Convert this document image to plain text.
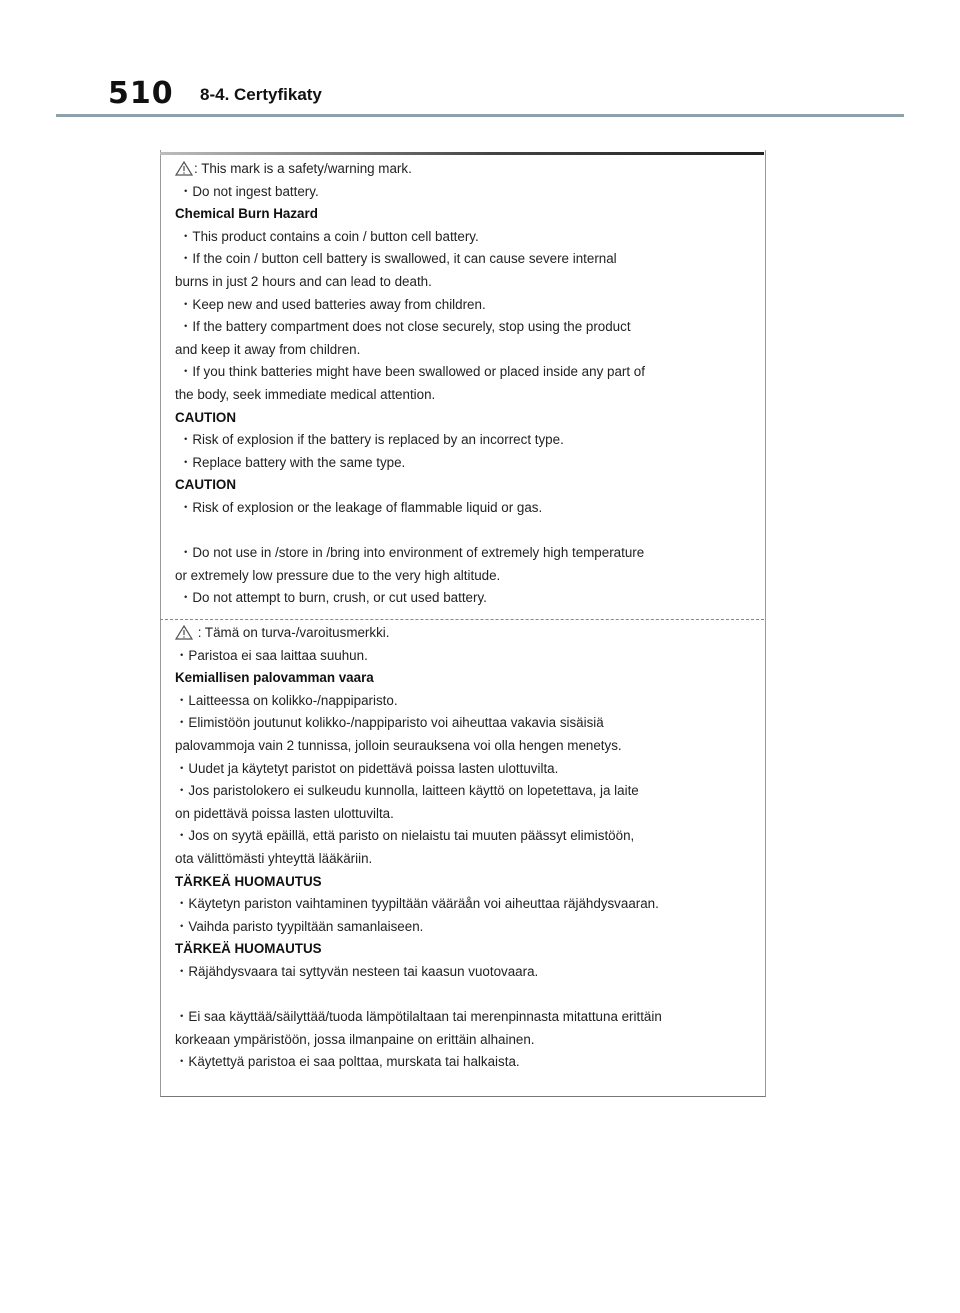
510 8-4. Certyfikaty
: This mark is a safety/warning mark.
・Do not ingest battery.
Chemical Burn Hazard
・This product contains a coin / button cell battery.
・If the coin / button cell battery is swallowed, it can cause severe internal
burns in just 2 hours and can lead to death.
・Keep new and used batteries away from children.
・If the battery compartment does not close securely, stop using the product
and keep it away from children.
・If you think batteries might have been swallowed or placed inside any part of
the body, seek immediate medical attention.
CAUTION
・Risk of explosion if the battery is replaced by an incorrect type.
・Replace battery with the same type.
CAUTION
・Risk of explosion or the leakage of flammable liquid or gas.
・Do not use in /store in /bring into environment of extremely high temperature
or extremely low pressure due to the very high altitude.
・Do not attempt to burn, crush, or cut used battery.
: Tämä on turva-/varoitusmerkki.
・Paristoa ei saa laittaa suuhun.
Kemiallisen palovamman vaara
・Laitteessa on kolikko-/nappiparisto.
・Elimistöön joutunut kolikko-/nappiparisto voi aiheuttaa vakavia sisäisiä
palovammoja vain 2 tunnissa, jolloin seurauksena voi olla hengen menetys.
・Uudet ja käytetyt paristot on pidettävä poissa lasten ulottuvilta.
・Jos paristolokero ei sulkeudu kunnolla, laitteen käyttö on lopetettava, ja laite
on pidettävä poissa lasten ulottuvilta.
・Jos on syytä epäillä, että paristo on nielaistu tai muuten päässyt elimistöön,
ota välittömästi yhteyttä lääkäriin.
TÄRKEÄ HUOMAUTUS
・Käytetyn pariston vaihtaminen tyypiltään vääräån voi aiheuttaa räjähdysvaaran.
・Vaihda paristo tyypiltään samanlaiseen.
TÄRKEÄ HUOMAUTUS
・Räjähdysvaara tai syttyvän nesteen tai kaasun vuotovaara.
・Ei saa käyttää/säilyttää/tuoda lämpötilaltaan tai merenpinnasta mitattuna erittäin
korkeaan ympäristöön, jossa ilmanpaine on erittäin alhainen.
・Käytettyä paristoa ei saa polttaa, murskata tai halkaista.
